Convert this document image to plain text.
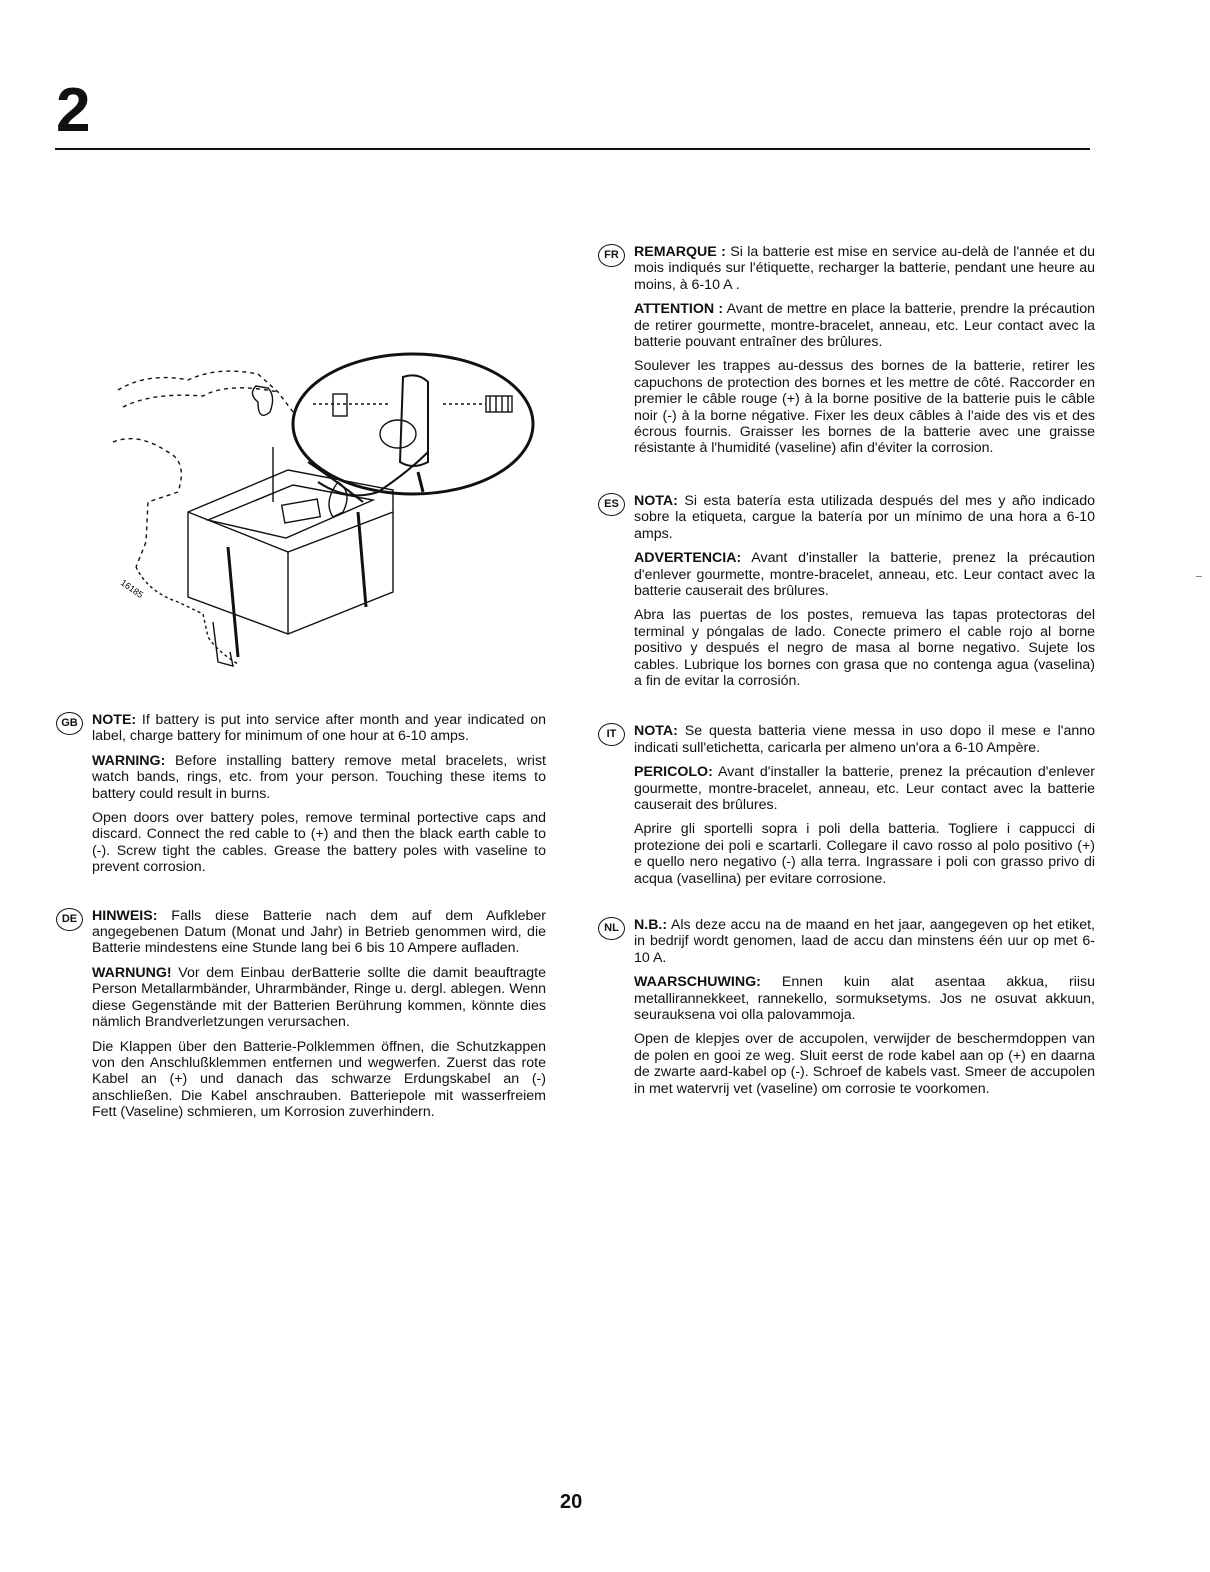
2
16185
GB	NOTE: If battery is put into service after month and year indicated on label, charge battery for minimum of one hour at 6-10 amps.

WARNING: Before installing battery remove metal bracelets, wrist watch bands, rings, etc. from your person. Touching these items to battery could result in burns.

Open doors over battery poles, remove terminal portective caps and discard. Connect the red cable to (+) and then the black earth cable to (-). Screw tight the cables. Grease the battery poles with vaseline to prevent corrosion.

DE	HINWEIS: Falls diese Batterie nach dem auf dem Aufkleber angegebenen Datum (Monat und Jahr) in Betrieb genommen wird, die Batterie mindestens eine Stunde lang bei 6 bis 10 Ampere aufladen.

WARNUNG! Vor dem Einbau derBatterie sollte die damit beauftragte Person Metallarmbänder, Uhrarmbänder, Ringe u. dergl. ablegen. Wenn diese Gegenstände mit der Batterien Berührung kommen, könnte dies nämlich Brandverletzungen verursachen.

Die Klappen über den Batterie-Polklemmen öffnen, die Schutzkappen von den Anschlußklemmen entfernen und wegwerfen. Zuerst das rote Kabel an (+) und danach das schwarze Erdungskabel an (-) anschließen. Die Kabel anschrauben. Batteriepole mit wasserfreiem Fett (Vaseline) schmieren, um Korrosion zuverhindern.

FR	REMARQUE : Si la batterie est mise en service au-delà de l'année et du mois indiqués sur l'étiquette, recharger la batterie, pendant une heure au moins, à 6-10 A .

ATTENTION : Avant de mettre en place la batterie, prendre la précaution de retirer gourmette, montre-bracelet, anneau, etc. Leur contact avec la batterie pouvant entraîner des brûlures.

Soulever les trappes au-dessus des bornes de la batterie, retirer les capuchons de protection des bornes et les mettre de côté. Raccorder en premier le câble rouge (+) à la borne positive de la batterie puis le câble noir (-) à la borne négative. Fixer les deux câbles à l'aide des vis et des écrous fournis. Graisser les bornes de la batterie avec une graisse résistante à l'humidité (vaseline) afin d'éviter la corrosion.

ES	NOTA: Si esta batería esta utilizada después del mes y año indicado sobre la etiqueta, cargue la batería por un mínimo de una hora a 6-10 amps.

ADVERTENCIA: Avant d'installer la batterie, prenez la précaution d'enlever gourmette, montre-bracelet, anneau, etc. Leur contact avec la batterie causerait des brûlures.

Abra las puertas de los postes, remueva las tapas protectoras del terminal y póngalas de lado. Conecte primero el cable rojo al borne positivo y después el negro de masa al borne negativo. Sujete los cables. Lubrique los bornes con grasa que no contenga agua (vaselina) a fin de evitar la corrosión.

IT	NOTA: Se questa batteria viene messa in uso dopo il mese e l'anno indicati sull'etichetta, caricarla per almeno un'ora a 6-10 Ampère.

PERICOLO: Avant d'installer la batterie, prenez la précaution d'enlever gourmette, montre-bracelet, anneau, etc. Leur contact avec la batterie causerait des brûlures.

Aprire gli sportelli sopra i poli della batteria. Togliere i cappucci di protezione dei poli e scartarli. Collegare il cavo rosso al polo positivo (+) e quello nero negativo (-) alla terra. Ingrassare i poli con grasso privo di acqua (vasellina) per evitare corrosione.

NL	N.B.: Als deze accu na de maand en het jaar, aangegeven op het etiket, in bedrijf wordt genomen, laad de accu dan minstens één uur op met 6-10 A.

WAARSCHUWING: Ennen kuin alat asentaa akkua, riisu metallirannekkeet, rannekello, sormuksetyms. Jos ne osuvat akkuun, seurauksena voi olla palovammoja.

Open de klepjes over de accupolen, verwijder de beschermdoppen van de polen en gooi ze weg. Sluit eerst de rode kabel aan op (+) en daarna de zwarte aard-kabel op (-). Schroef de kabels vast. Smeer de accupolen in met watervrij vet (vaseline) om corrosie te voorkomen.

20
